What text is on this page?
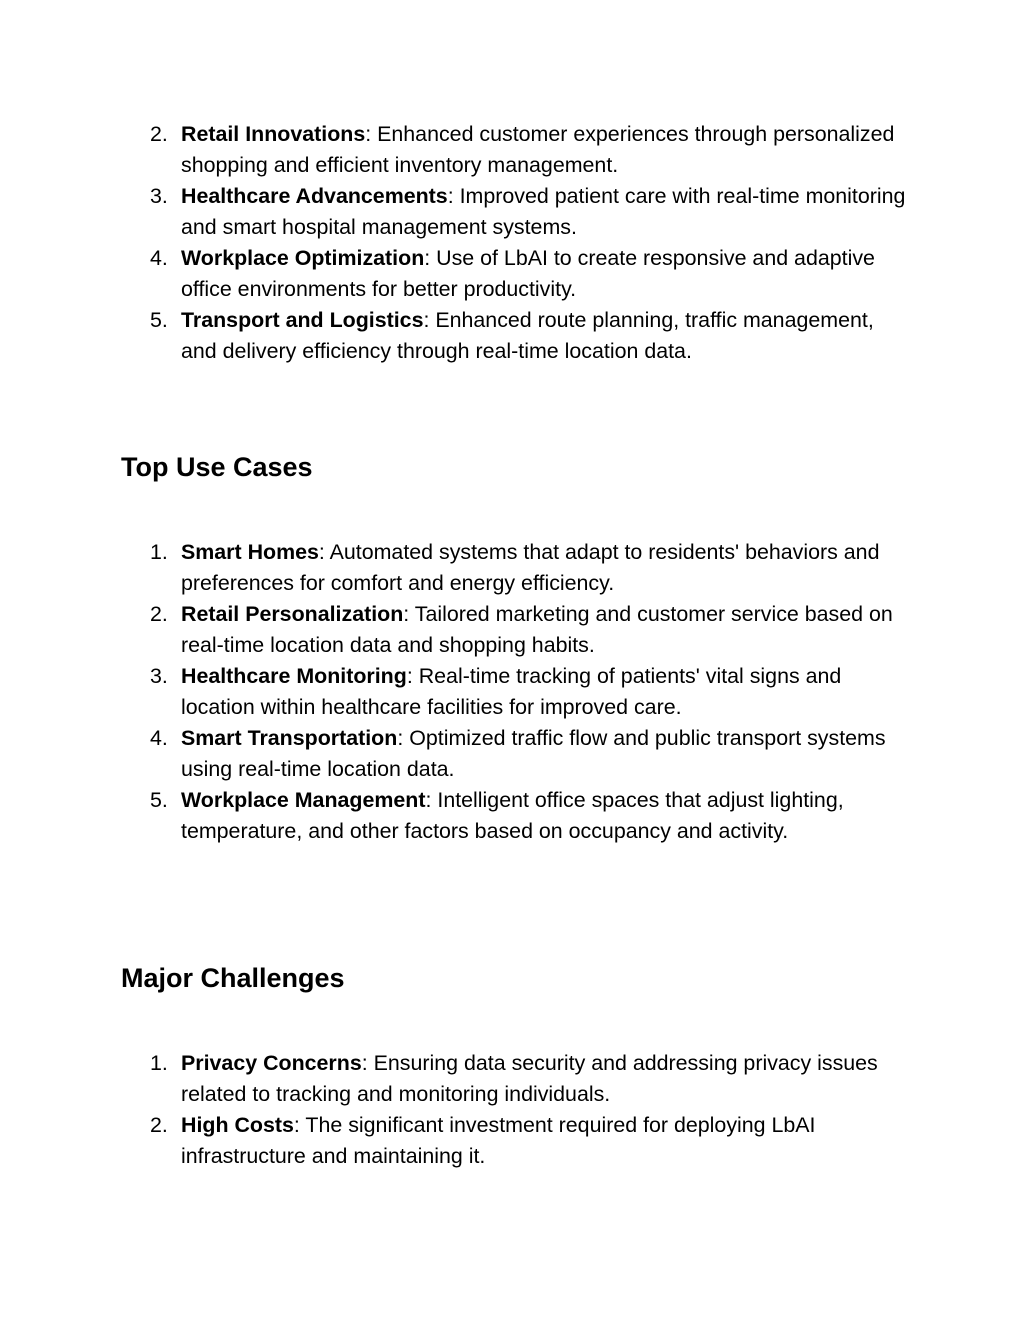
2. Retail Innovations: Enhanced customer experiences through personalized shopping and efficient inventory management.
3. Healthcare Advancements: Improved patient care with real-time monitoring and smart hospital management systems.
4. Workplace Optimization: Use of LbAI to create responsive and adaptive office environments for better productivity.
5. Transport and Logistics: Enhanced route planning, traffic management, and delivery efficiency through real-time location data.
Top Use Cases
1. Smart Homes: Automated systems that adapt to residents' behaviors and preferences for comfort and energy efficiency.
2. Retail Personalization: Tailored marketing and customer service based on real-time location data and shopping habits.
3. Healthcare Monitoring: Real-time tracking of patients' vital signs and location within healthcare facilities for improved care.
4. Smart Transportation: Optimized traffic flow and public transport systems using real-time location data.
5. Workplace Management: Intelligent office spaces that adjust lighting, temperature, and other factors based on occupancy and activity.
Major Challenges
1. Privacy Concerns: Ensuring data security and addressing privacy issues related to tracking and monitoring individuals.
2. High Costs: The significant investment required for deploying LbAI infrastructure and maintaining it.
